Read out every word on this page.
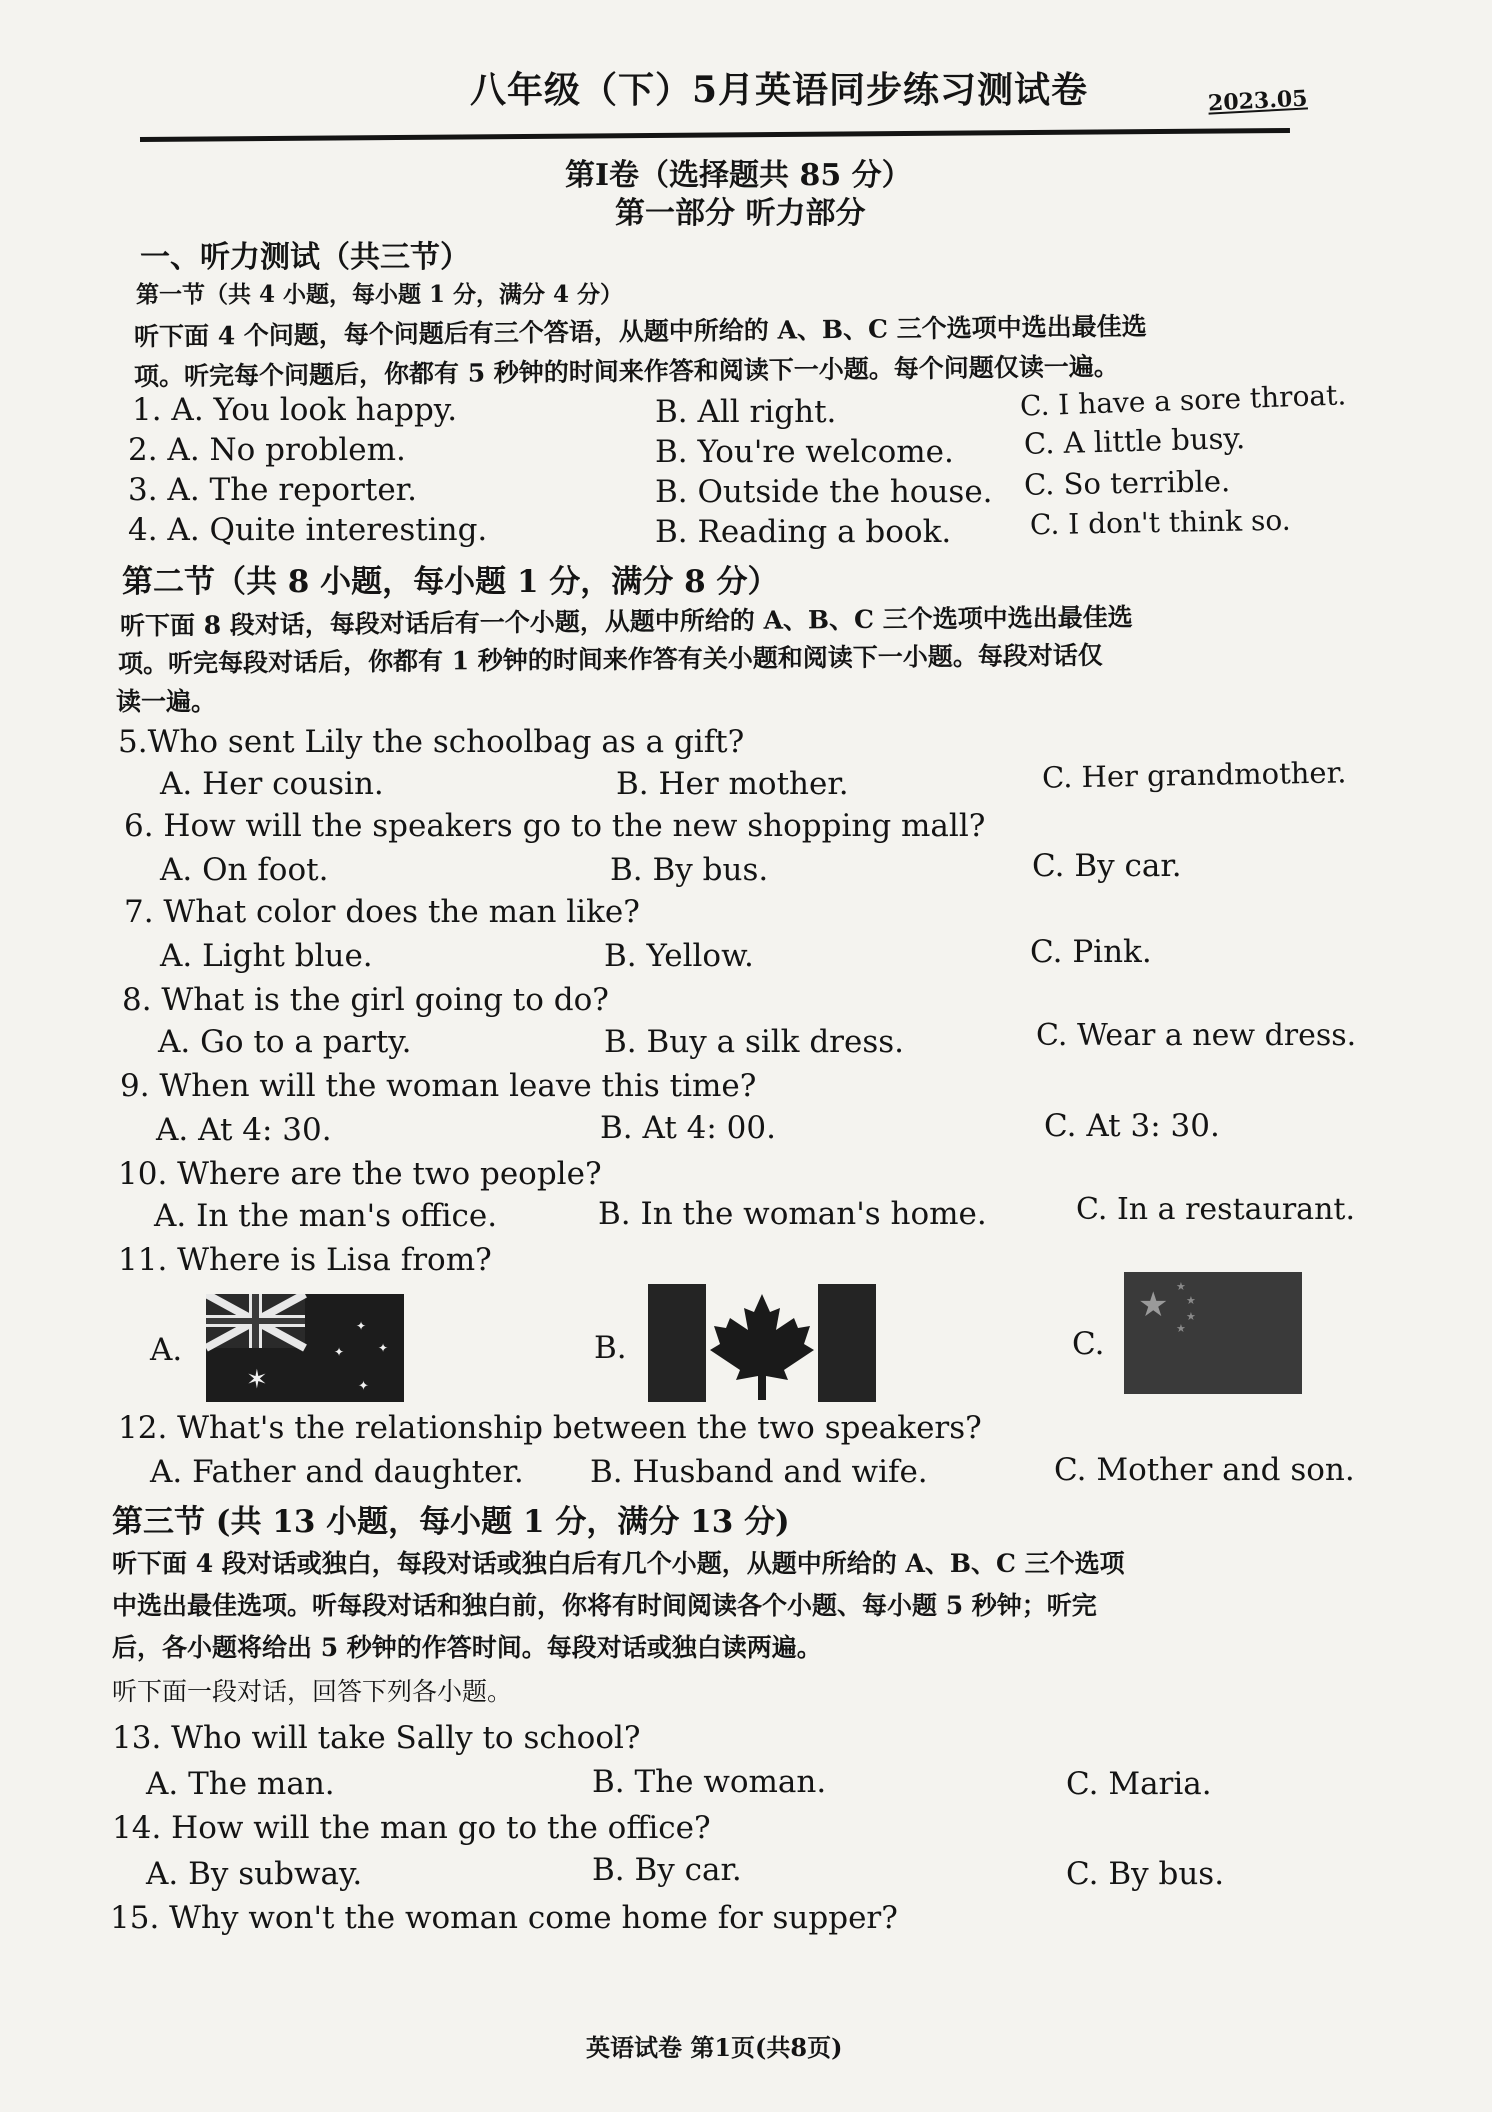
八年级（下）5月英语同步练习测试卷	2023.05
第Ⅰ卷（选择题共 85 分）
第一部分 听力部分
一、听力测试（共三节）
第一节（共 4 小题，每小题 1 分，满分 4 分）
听下面 4 个问题，每个问题后有三个答语，从题中所给的 A、B、C 三个选项中选出最佳选
项。听完每个问题后，你都有 5 秒钟的时间来作答和阅读下一小题。每个问题仅读一遍。
1. A. You look happy.	B. All right.	C. I have a sore throat.
2. A. No problem.	B. You're welcome. C. A little busy.
3. A. The reporter.	B. Outside the house. C. So terrible.
4. A. Quite interesting.	B. Reading a book.	C. I don't think so.
第二节（共 8 小题，每小题 1 分，满分 8 分）
听下面 8 段对话，每段对话后有一个小题，从题中所给的 A、B、C 三个选项中选出最佳选
项。听完每段对话后，你都有 1 秒钟的时间来作答有关小题和阅读下一小题。每段对话仅
读一遍。
5.Who sent Lily the schoolbag as a gift?
A. Her cousin.	B. Her mother.	C. Her grandmother.
6. How will the speakers go to the new shopping mall?
A. On foot.	B. By bus.	C. By car.
7. What color does the man like?
A. Light blue.	B. Yellow.	C. Pink.
8. What is the girl going to do?
A. Go to a party.	B. Buy a silk dress.	C. Wear a new dress.
9. When will the woman leave this time?
A. At 4: 30.	B. At 4: 00.	C. At 3: 30.
10. Where are the two people?
A. In the man's office.	B. In the woman's home.	C. In a restaurant.
11. Where is Lisa from?
A.	B.	C.
✶
✦
✦	✦
✦
★ ★
★
★
★
12. What's the relationship between the two speakers?
A. Father and daughter. B. Husband and wife.	C. Mother and son.
第三节 (共 13 小题，每小题 1 分，满分 13 分)
听下面 4 段对话或独白，每段对话或独白后有几个小题，从题中所给的 A、B、C 三个选项
中选出最佳选项。听每段对话和独白前，你将有时间阅读各个小题、每小题 5 秒钟；听完
后，各小题将给出 5 秒钟的作答时间。每段对话或独白读两遍。
听下面一段对话，回答下列各小题。
13. Who will take Sally to school?
A. The man.	B. The woman.	C. Maria.
14. How will the man go to the office?
A. By subway.	B. By car.	C. By bus.
15. Why won't the woman come home for supper?
英语试卷 第1页(共8页)
